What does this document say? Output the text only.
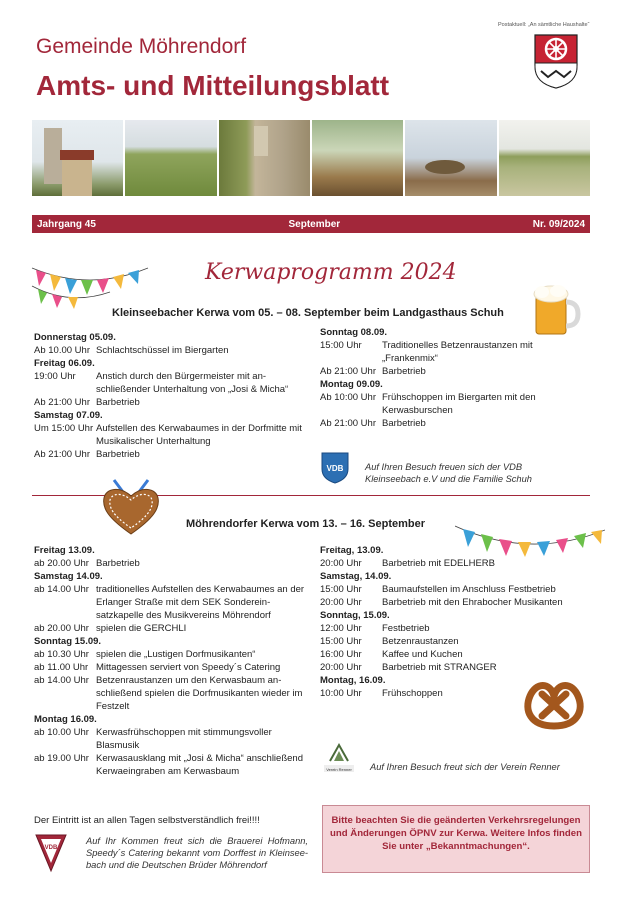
Postaktuell: „An sämtliche Haushalte“
Gemeinde Möhrendorf
Amts- und Mitteilungsblatt
Jahrgang 45	September	Nr. 09/2024
Kerwaprogramm 2024
Kleinseebacher Kerwa vom 05. – 08. September beim Landgasthaus Schuh
Donnerstag 05.09.
Ab 10.00 Uhr Schlachtschüssel im Biergarten
Freitag 06.09.
19:00 Uhr	Anstich durch den Bürgermeister mit an- schließender Unterhaltung von „Josi & Micha“
Ab 21:00 Uhr Barbetrieb
Samstag 07.09.
Um 15:00 Uhr Aufstellen des Kerwabaumes in der Dorfmitte mit Musikalischer Unterhaltung
Ab 21:00 Uhr Barbetrieb
Sonntag 08.09.
15:00 Uhr	Traditionelles Betzenraustanzen mit „Frankenmix“
Ab 21:00 Uhr Barbetrieb
Montag 09.09.
Ab 10:00 Uhr Frühschoppen im Biergarten mit den Kerwasburschen
Ab 21:00 Uhr Barbetrieb
VDB Auf Ihren Besuch freuen sich der VDB Kleinseebach e.V und die Familie Schuh
Möhrendorfer Kerwa vom 13. – 16. September
Freitag 13.09.
ab 20.00 Uhr Barbetrieb
Samstag 14.09.
ab 14.00 Uhr traditionelles Aufstellen des Kerwabaumes an der Erlanger Straße mit dem SEK Sonderein- satzkapelle des Musikvereins Möhrendorf
ab 20.00 Uhr spielen die GERCHLI
Sonntag 15.09.
ab 10.30 Uhr spielen die „Lustigen Dorfmusikanten“
ab 11.00 Uhr Mittagessen serviert von Speedy´s Catering
ab 14.00 Uhr Betzenraustanzen um den Kerwasbaum an- schließend spielen die Dorfmusikanten wieder im Festzelt
Montag 16.09.
ab 10.00 Uhr Kerwasfrühschoppen mit stimmungsvoller Blasmusik
ab 19.00 Uhr Kerwasausklang mit „Josi & Micha“ anschließend Kerwaeingraben am Kerwasbaum
Freitag, 13.09.
20:00 Uhr	Barbetrieb mit EDELHERB
Samstag, 14.09.
15:00 Uhr	Baumaufstellen im Anschluss Festbetrieb
20:00 Uhr	Barbetrieb mit den Ehrabocher Musikanten
Sonntag, 15.09.
12:00 Uhr	Festbetrieb
15:00 Uhr	Betzenraustanzen
16:00 Uhr	Kaffee und Kuchen
20:00 Uhr	Barbetrieb mit STRANGER
Montag, 16.09.
10:00 Uhr	Frühschoppen
Verein Renner Auf Ihren Besuch freut sich der Verein Renner
Der Eintritt ist an allen Tagen selbstverständlich frei!!!!
VDB
Auf Ihr Kommen freut sich die Brauerei Hofmann, Speedy´s Catering bekannt vom Dorffest in Kleinsee- bach und die Deutschen Brüder Möhrendorf
Bitte beachten Sie die geänderten Verkehrsregelungen und Änderungen ÖPNV zur Kerwa. Weitere Infos finden Sie unter „Bekanntmachungen“.
